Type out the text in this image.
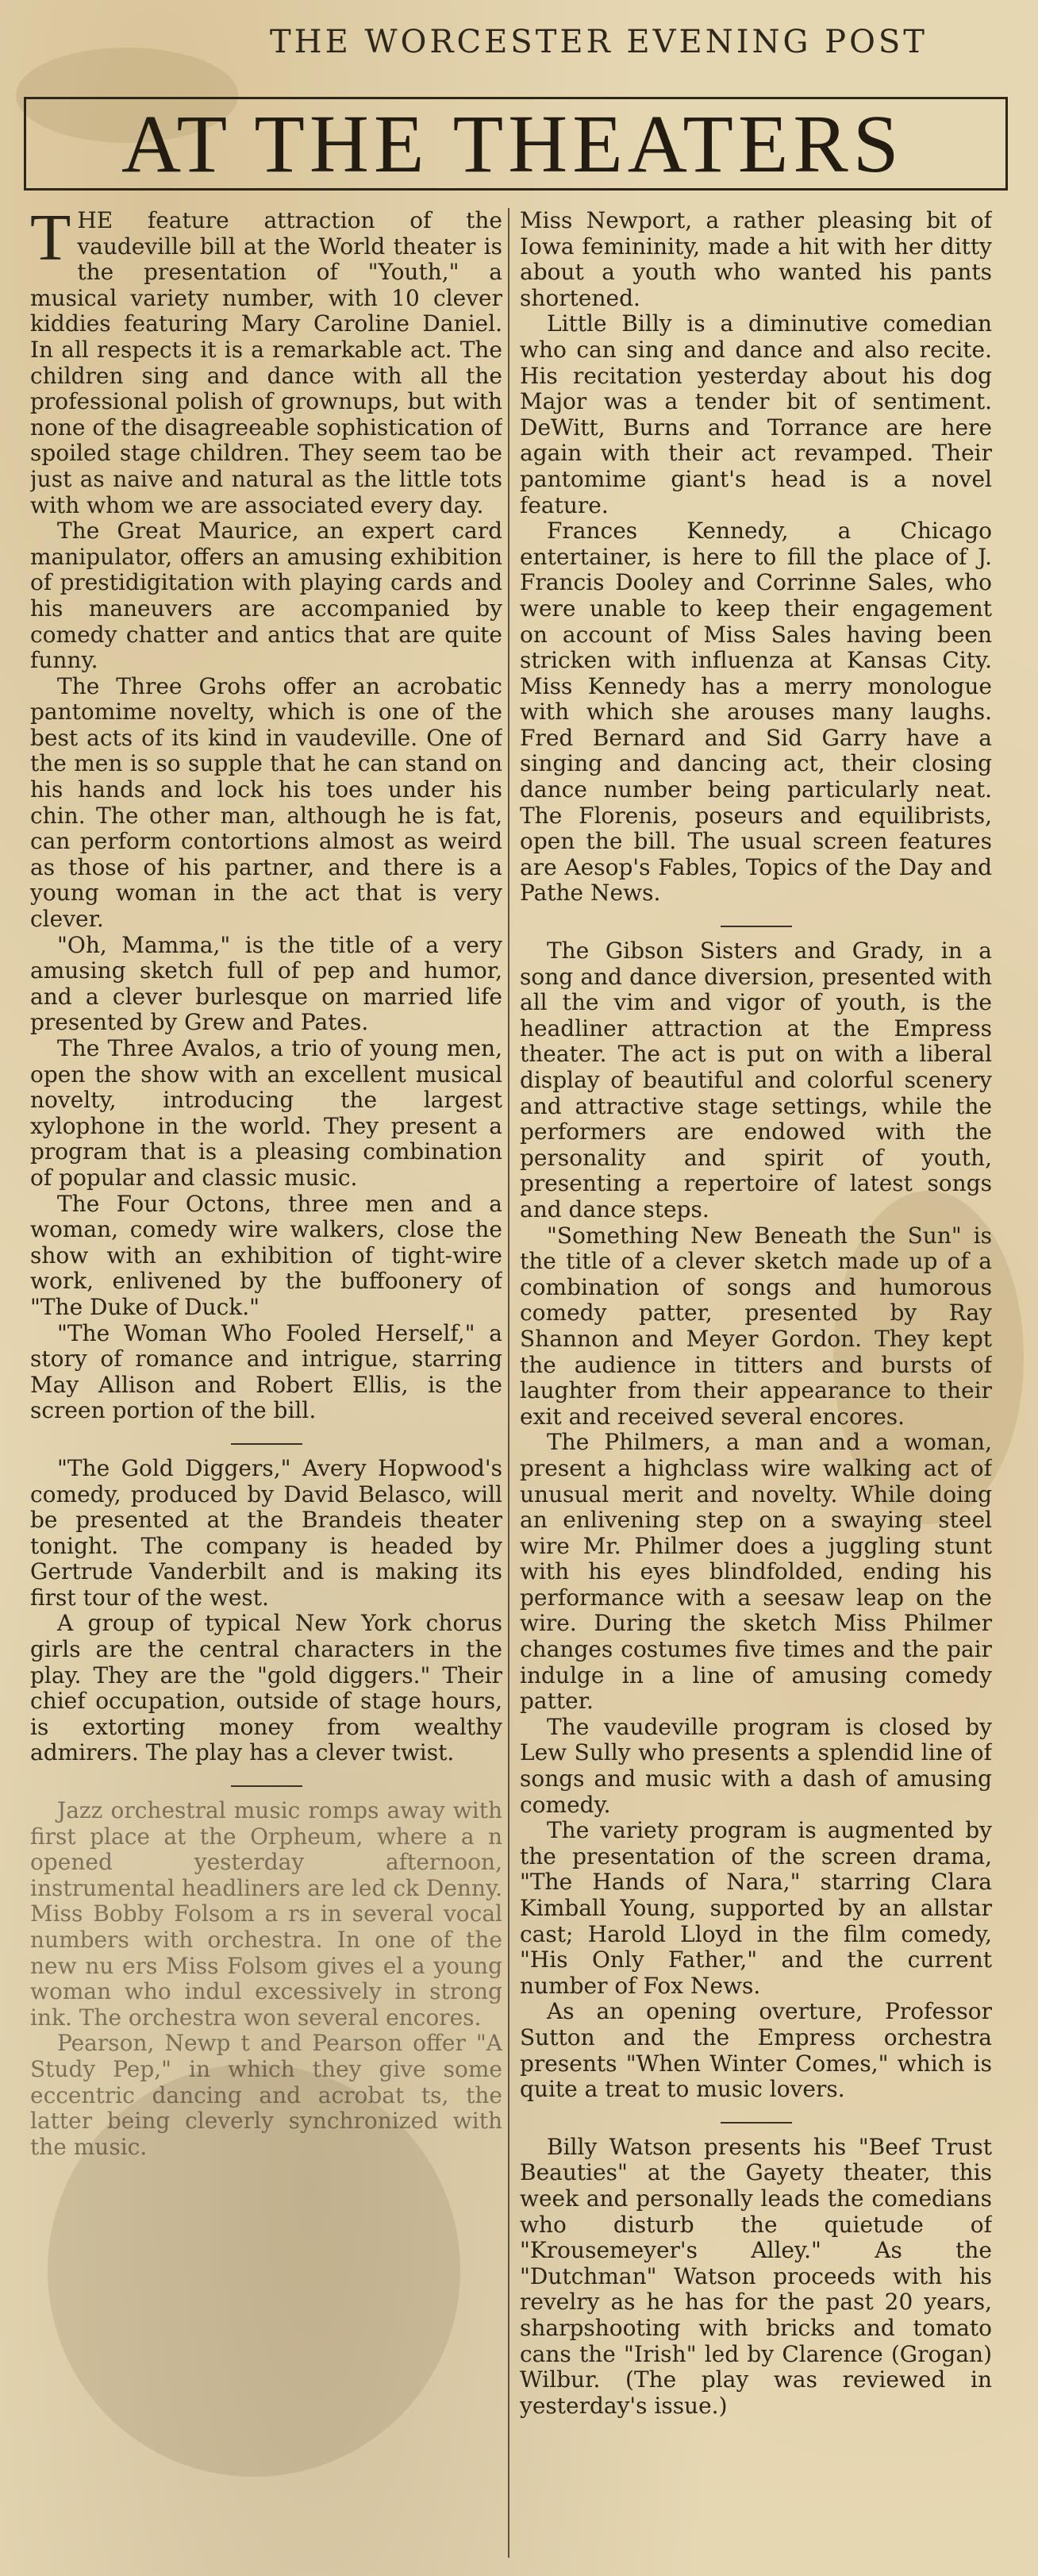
THE WORCESTER EVENING POST
AT THE THEATERS

THE feature attraction of the vaudeville bill at the World theater is the presentation of "Youth," a musical variety number, with 10 clever kiddies featuring Mary Caroline Daniel. In all respects it is a remarkable act. The children sing and dance with all the professional polish of grownups, but with none of the disagreeable sophistication of spoiled stage children. They seem tao be just as naive and natural as the little tots with whom we are associated every day.

The Great Maurice, an expert card manipulator, offers an amusing exhibition of prestidigitation with playing cards and his maneuvers are accompanied by comedy chatter and antics that are quite funny.

The Three Grohs offer an acrobatic pantomime novelty, which is one of the best acts of its kind in vaudeville. One of the men is so supple that he can stand on his hands and lock his toes under his chin. The other man, although he is fat, can perform contortions almost as weird as those of his partner, and there is a young woman in the act that is very clever.

"Oh, Mamma," is the title of a very amusing sketch full of pep and humor, and a clever burlesque on married life presented by Grew and Pates.

The Three Avalos, a trio of young men, open the show with an excellent musical novelty, introducing the largest xylophone in the world. They present a program that is a pleasing combination of popular and classic music.

The Four Octons, three men and a woman, comedy wire walkers, close the show with an exhibition of tight-wire work, enlivened by the buffoonery of "The Duke of Duck."

"The Woman Who Fooled Herself," a story of romance and intrigue, starring May Allison and Robert Ellis, is the screen portion of the bill.

"The Gold Diggers," Avery Hopwood's comedy, produced by David Belasco, will be presented at the Brandeis theater tonight. The company is headed by Gertrude Vanderbilt and is making its first tour of the west.

A group of typical New York chorus girls are the central characters in the play. They are the "gold diggers." Their chief occupation, outside of stage hours, is extorting money from wealthy admirers. The play has a clever twist.

Jazz orchestral music romps away with first place at the Orpheum, where a n opened yesterday afternoon, instrumental headliners are led ck Denny. Miss Bobby Folsom a rs in several vocal numbers with orchestra. In one of the new nu ers Miss Folsom gives el a young woman who indul excessively in strong ink. The orchestra won several encores.

Pearson, Newp t and Pearson offer "A Study Pep," in which they give some eccentric dancing and acrobat ts, the latter being cleverly synchronized with the music.

Miss Newport, a rather pleasing bit of Iowa femininity, made a hit with her ditty about a youth who wanted his pants shortened.

Little Billy is a diminutive comedian who can sing and dance and also recite. His recitation yesterday about his dog Major was a tender bit of sentiment. DeWitt, Burns and Torrance are here again with their act revamped. Their pantomime giant's head is a novel feature.

Frances Kennedy, a Chicago entertainer, is here to fill the place of J. Francis Dooley and Corrinne Sales, who were unable to keep their engagement on account of Miss Sales having been stricken with influenza at Kansas City. Miss Kennedy has a merry monologue with which she arouses many laughs. Fred Bernard and Sid Garry have a singing and dancing act, their closing dance number being particularly neat. The Florenis, poseurs and equilibrists, open the bill. The usual screen features are Aesop's Fables, Topics of the Day and Pathe News.

The Gibson Sisters and Grady, in a song and dance diversion, presented with all the vim and vigor of youth, is the headliner attraction at the Empress theater. The act is put on with a liberal display of beautiful and colorful scenery and attractive stage settings, while the performers are endowed with the personality and spirit of youth, presenting a repertoire of latest songs and dance steps.

"Something New Beneath the Sun" is the title of a clever sketch made up of a combination of songs and humorous comedy patter, presented by Ray Shannon and Meyer Gordon. They kept the audience in titters and bursts of laughter from their appearance to their exit and received several encores.

The Philmers, a man and a woman, present a highclass wire walking act of unusual merit and novelty. While doing an enlivening step on a swaying steel wire Mr. Philmer does a juggling stunt with his eyes blindfolded, ending his performance with a seesaw leap on the wire. During the sketch Miss Philmer changes costumes five times and the pair indulge in a line of amusing comedy patter.

The vaudeville program is closed by Lew Sully who presents a splendid line of songs and music with a dash of amusing comedy.

The variety program is augmented by the presentation of the screen drama, "The Hands of Nara," starring Clara Kimball Young, supported by an allstar cast; Harold Lloyd in the film comedy, "His Only Father," and the current number of Fox News.

As an opening overture, Professor Sutton and the Empress orchestra presents "When Winter Comes," which is quite a treat to music lovers.

Billy Watson presents his "Beef Trust Beauties" at the Gayety theater, this week and personally leads the comedians who disturb the quietude of "Krousemeyer's Alley." As the "Dutchman" Watson proceeds with his revelry as he has for the past 20 years, sharpshooting with bricks and tomato cans the "Irish" led by Clarence (Grogan) Wilbur. (The play was reviewed in yesterday's issue.)
